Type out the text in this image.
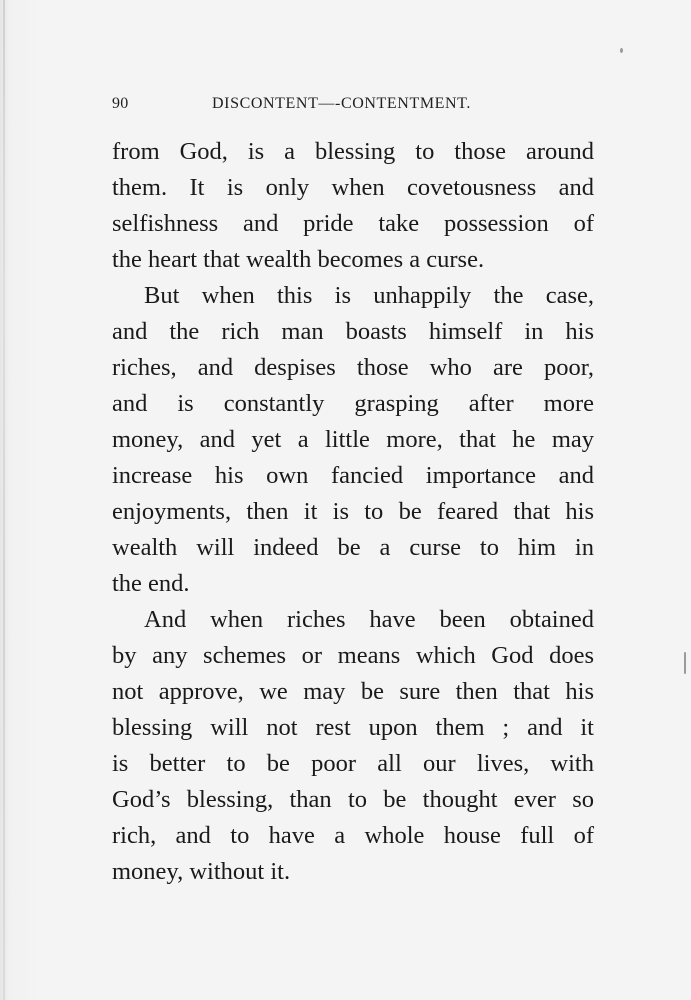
90	DISCONTENT—-CONTENTMENT.
from God, is a blessing to those around
them. It is only when covetousness and
selfishness and pride take possession of
the heart that wealth becomes a curse.
But when this is unhappily the case,
and the rich man boasts himself in his
riches, and despises those who are poor,
and is constantly grasping after more
money, and yet a little more, that he may
increase his own fancied importance and
enjoyments, then it is to be feared that his
wealth will indeed be a curse to him in
the end.
And when riches have been obtained
by any schemes or means which God does
not approve, we may be sure then that his
blessing will not rest upon them ; and it
is better to be poor all our lives, with
God’s blessing, than to be thought ever so
rich, and to have a whole house full of
money, without it.
